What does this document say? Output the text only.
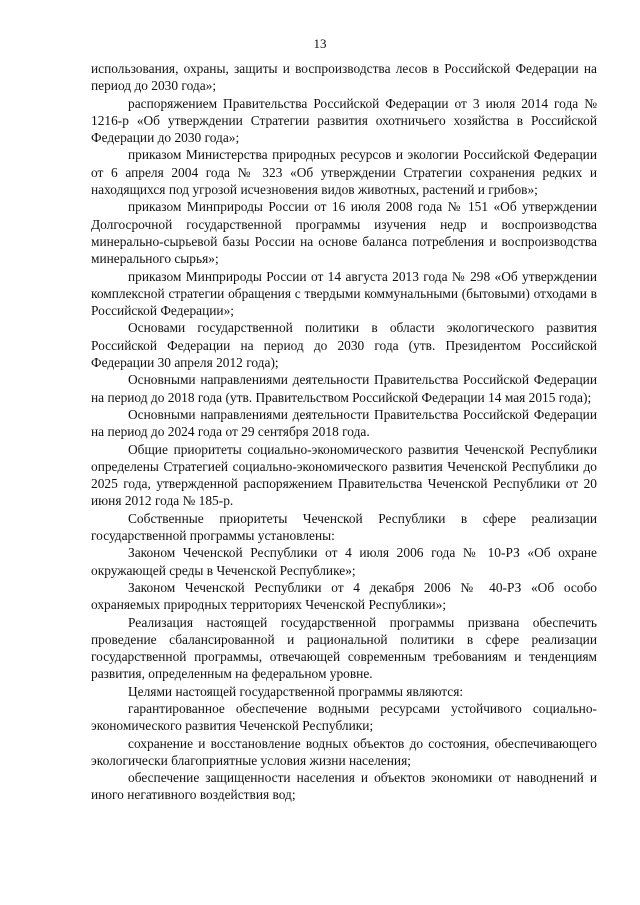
13

использования, охраны, защиты и воспроизводства лесов в Российской Федерации на период до 2030 года»;

распоряжением Правительства Российской Федерации от 3 июля 2014 года № 1216-р «Об утверждении Стратегии развития охотничьего хозяйства в Российской Федерации до 2030 года»;

приказом Министерства природных ресурсов и экологии Российской Федерации от 6 апреля 2004 года № 323 «Об утверждении Стратегии сохранения редких и находящихся под угрозой исчезновения видов животных, растений и грибов»;

приказом Минприроды России от 16 июля 2008 года № 151 «Об утверждении Долгосрочной государственной программы изучения недр и воспроизводства минерально-сырьевой базы России на основе баланса потребления и воспроизводства минерального сырья»;

приказом Минприроды России от 14 августа 2013 года № 298 «Об утверждении комплексной стратегии обращения с твердыми коммунальными (бытовыми) отходами в Российской Федерации»;

Основами государственной политики в области экологического развития Российской Федерации на период до 2030 года (утв. Президентом Российской Федерации 30 апреля 2012 года);

Основными направлениями деятельности Правительства Российской Федерации на период до 2018 года (утв. Правительством Российской Федерации 14 мая 2015 года);

Основными направлениями деятельности Правительства Российской Федерации на период до 2024 года от 29 сентября 2018 года.

Общие приоритеты социально-экономического развития Чеченской Республики определены Стратегией социально-экономического развития Чеченской Республики до 2025 года, утвержденной распоряжением Правительства Чеченской Республики от 20 июня 2012 года № 185-р.

Собственные приоритеты Чеченской Республики в сфере реализации государственной программы установлены:

Законом Чеченской Республики от 4 июля 2006 года № 10-РЗ «Об охране окружающей среды в Чеченской Республике»;

Законом Чеченской Республики от 4 декабря 2006 № 40-РЗ «Об особо охраняемых природных территориях Чеченской Республики»;

Реализация настоящей государственной программы призвана обеспечить проведение сбалансированной и рациональной политики в сфере реализации государственной программы, отвечающей современным требованиям и тенденциям развития, определенным на федеральном уровне.

Целями настоящей государственной программы являются:

гарантированное обеспечение водными ресурсами устойчивого социально-экономического развития Чеченской Республики;

сохранение и восстановление водных объектов до состояния, обеспечивающего экологически благоприятные условия жизни населения;

обеспечение защищенности населения и объектов экономики от наводнений и иного негативного воздействия вод;
